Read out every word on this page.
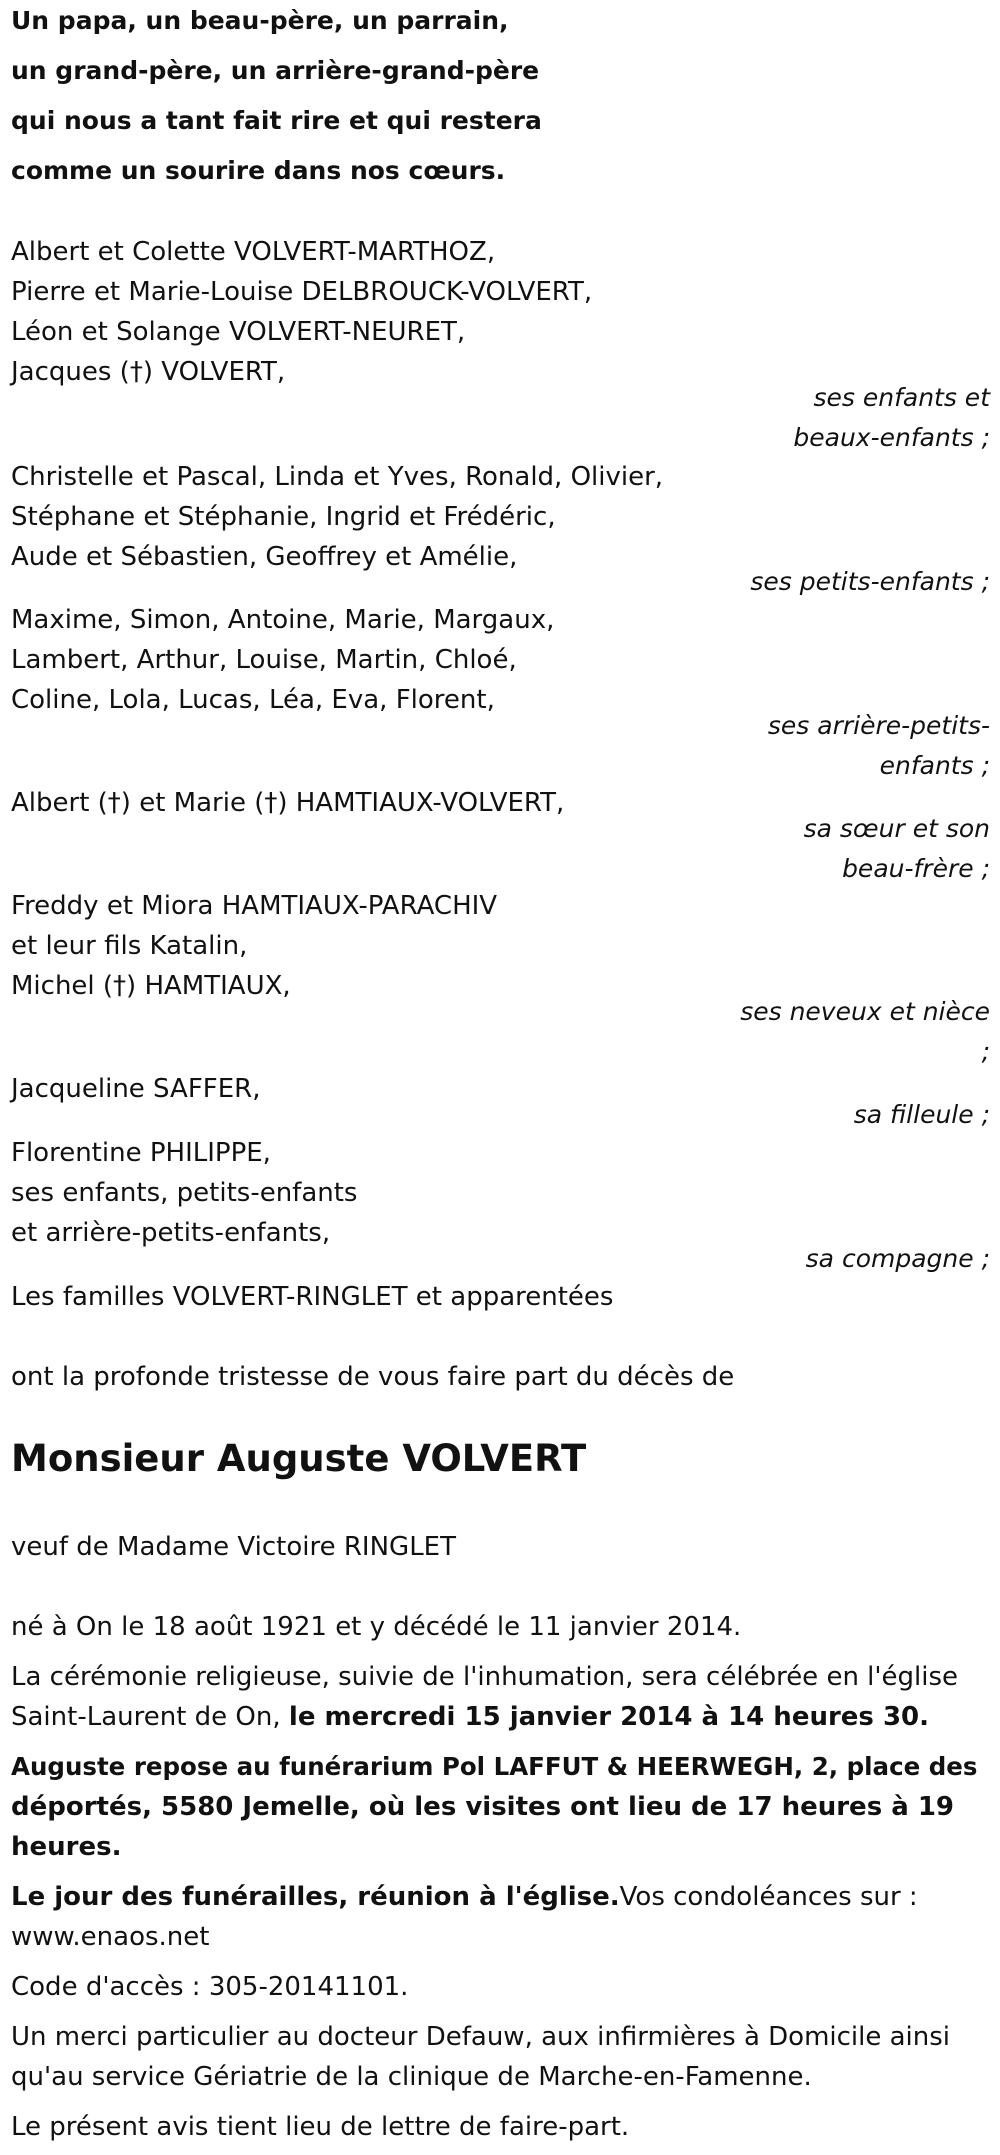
Un papa, un beau-père, un parrain,
un grand-père, un arrière-grand-père
qui nous a tant fait rire et qui restera
comme un sourire dans nos cœurs.
Albert et Colette VOLVERT-MARTHOZ,
Pierre et Marie-Louise DELBROUCK-VOLVERT,
Léon et Solange VOLVERT-NEURET,
Jacques (†) VOLVERT,
ses enfants et
beaux-enfants ;
Christelle et Pascal, Linda et Yves, Ronald, Olivier,
Stéphane et Stéphanie, Ingrid et Frédéric,
Aude et Sébastien, Geoffrey et Amélie,
ses petits-enfants ;
Maxime, Simon, Antoine, Marie, Margaux,
Lambert, Arthur, Louise, Martin, Chloé,
Coline, Lola, Lucas, Léa, Eva, Florent,
ses arrière-petits-
enfants ;
Albert (†) et Marie (†) HAMTIAUX-VOLVERT,
sa sœur et son
beau-frère ;
Freddy et Miora HAMTIAUX-PARACHIV
et leur fils Katalin,
Michel (†) HAMTIAUX,
ses neveux et nièce
;
Jacqueline SAFFER,
sa filleule ;
Florentine PHILIPPE,
ses enfants, petits-enfants
et arrière-petits-enfants,
sa compagne ;
Les familles VOLVERT-RINGLET et apparentées
ont la profonde tristesse de vous faire part du décès de
Monsieur Auguste VOLVERT
veuf de Madame Victoire RINGLET
né à On le 18 août 1921 et y décédé le 11 janvier 2014.
La cérémonie religieuse, suivie de l'inhumation, sera célébrée en l'église
Saint-Laurent de On, le mercredi 15 janvier 2014 à 14 heures 30.
Auguste repose au funérarium Pol LAFFUT & HEERWEGH, 2, place des
déportés, 5580 Jemelle, où les visites ont lieu de 17 heures à 19
heures.
Le jour des funérailles, réunion à l'église.Vos condoléances sur :
www.enaos.net
Code d'accès : 305-20141101.
Un merci particulier au docteur Defauw, aux infirmières à Domicile ainsi
qu'au service Gériatrie de la clinique de Marche-en-Famenne.
Le présent avis tient lieu de lettre de faire-part.
